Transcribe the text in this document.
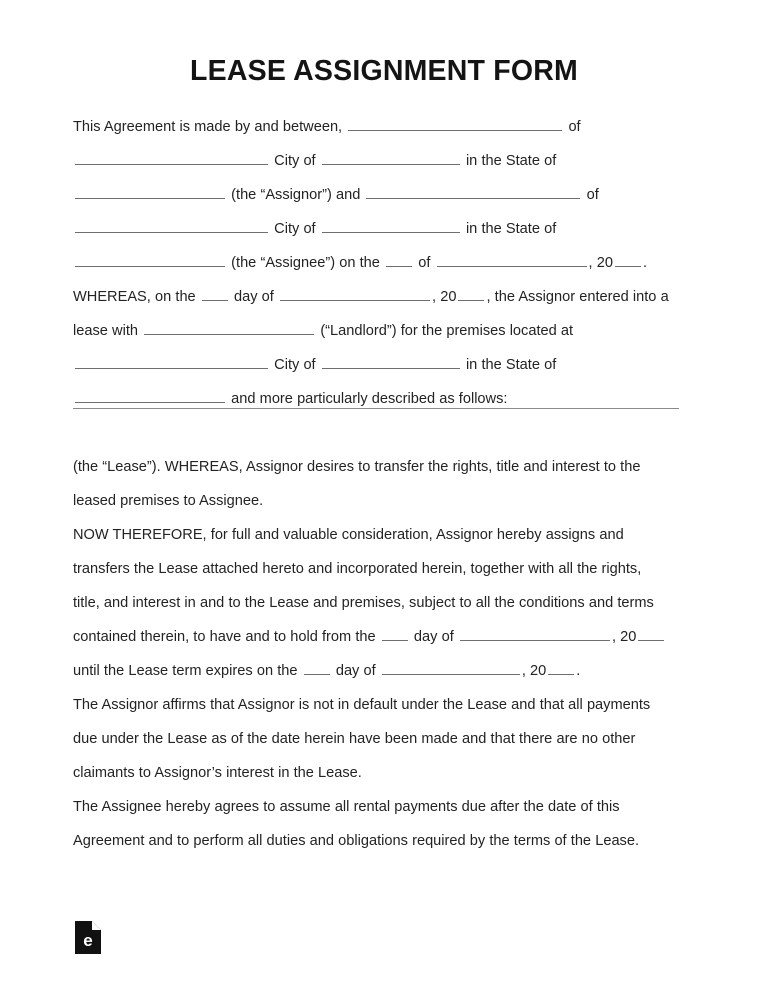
LEASE ASSIGNMENT FORM
This Agreement is made by and between,	of
City of	in the State of
(the “Assignor”) and	of
City of	in the State of
(the “Assignee”) on the	of	, 20 .
WHEREAS, on the	day of	, 20 , the Assignor entered into a
lease with	(“Landlord”) for the premises located at
City of	in the State of
and more particularly described as follows:
(the “Lease”). WHEREAS, Assignor desires to transfer the rights, title and interest to the leased premises to Assignee.
NOW THEREFORE, for full and valuable consideration, Assignor hereby assigns and
transfers the Lease attached hereto and incorporated herein, together with all the rights,
title, and interest in and to the Lease and premises, subject to all the conditions and terms
contained therein, to have and to hold from the	day of	, 20
until the Lease term expires on the	day of	, 20 .
The Assignor affirms that Assignor is not in default under the Lease and that all payments
due under the Lease as of the date herein have been made and that there are no other
claimants to Assignor’s interest in the Lease.
The Assignee hereby agrees to assume all rental payments due after the date of this
Agreement and to perform all duties and obligations required by the terms of the Lease.
e
